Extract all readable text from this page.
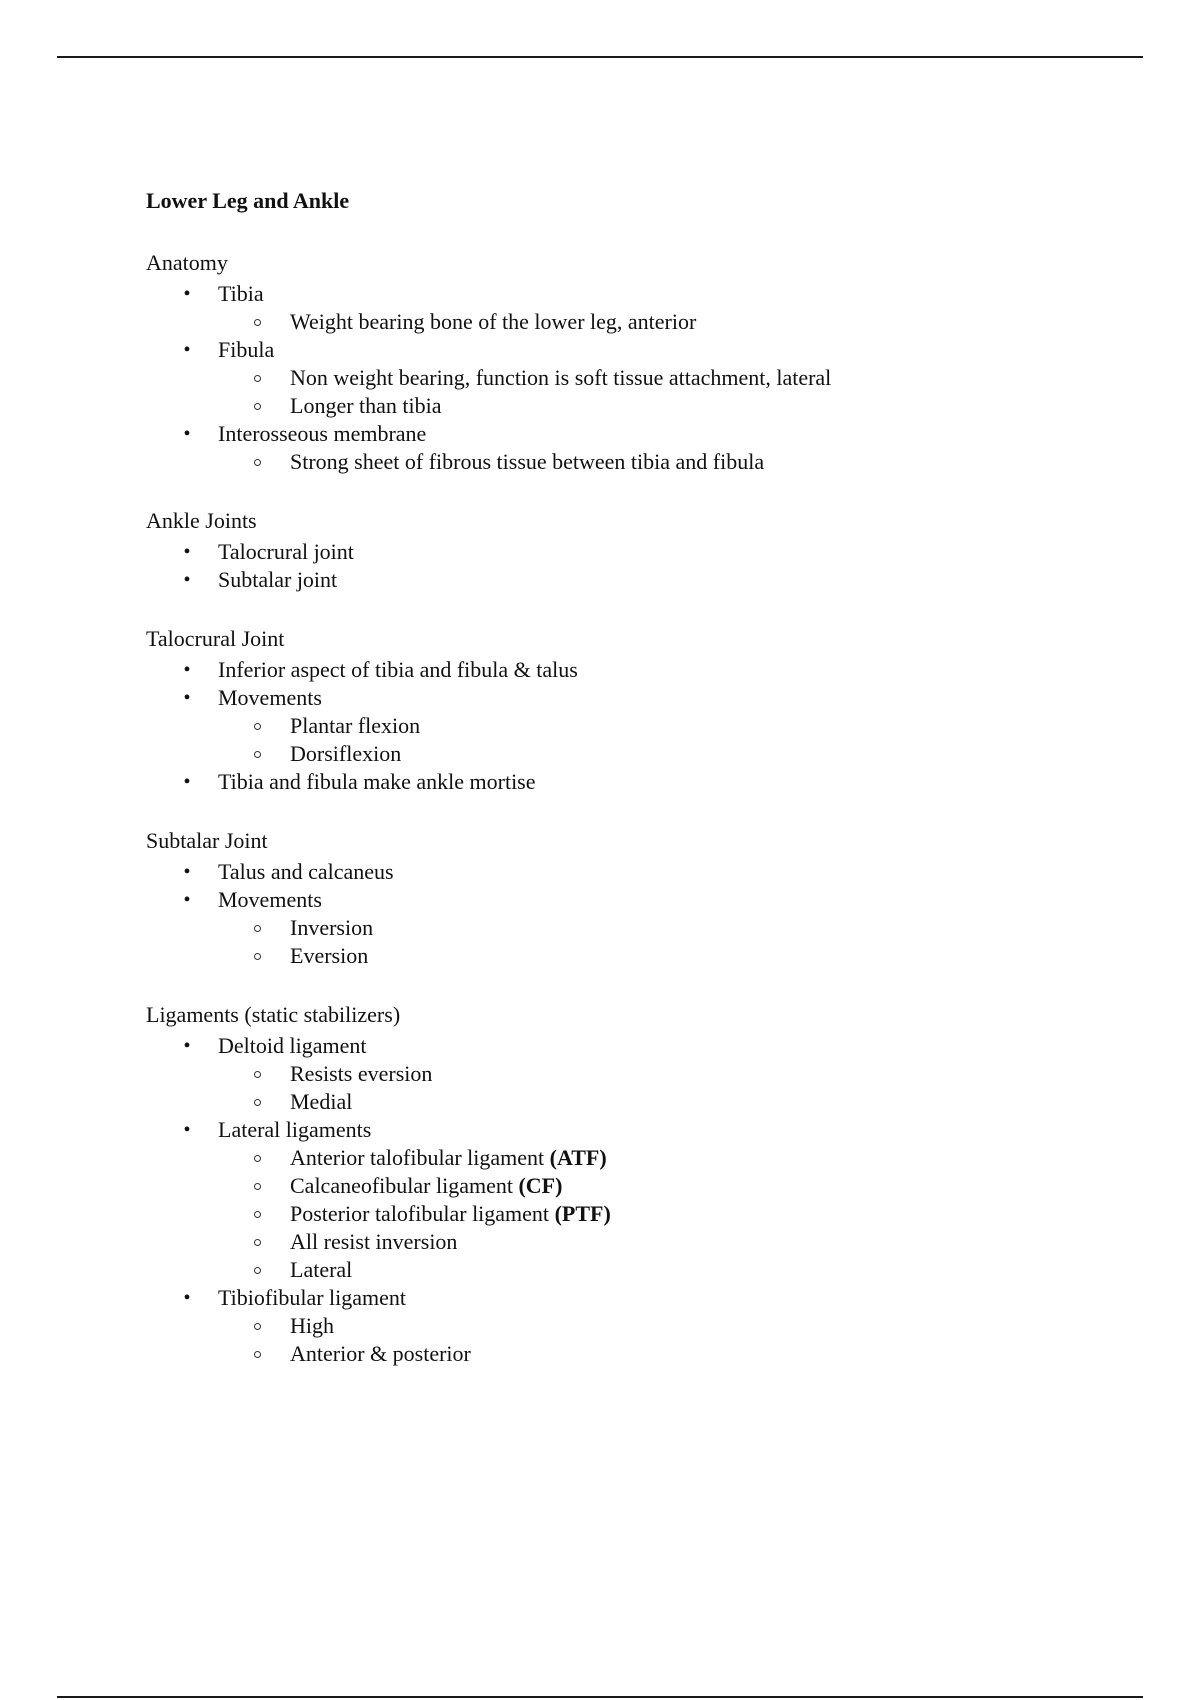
Lower Leg and Ankle
Anatomy
• Tibia
Weight bearing bone of the lower leg, anterior
• Fibula
Non weight bearing, function is soft tissue attachment, lateral
Longer than tibia
• Interosseous membrane
Strong sheet of fibrous tissue between tibia and fibula
Ankle Joints
• Talocrural joint
• Subtalar joint
Talocrural Joint
• Inferior aspect of tibia and fibula & talus
• Movements
Plantar flexion
Dorsiflexion
• Tibia and fibula make ankle mortise
Subtalar Joint
• Talus and calcaneus
• Movements
Inversion
Eversion
Ligaments (static stabilizers)
• Deltoid ligament
Resists eversion
Medial
• Lateral ligaments
Anterior talofibular ligament (ATF)
Calcaneofibular ligament (CF)
Posterior talofibular ligament (PTF)
All resist inversion
Lateral
• Tibiofibular ligament
High
Anterior & posterior
